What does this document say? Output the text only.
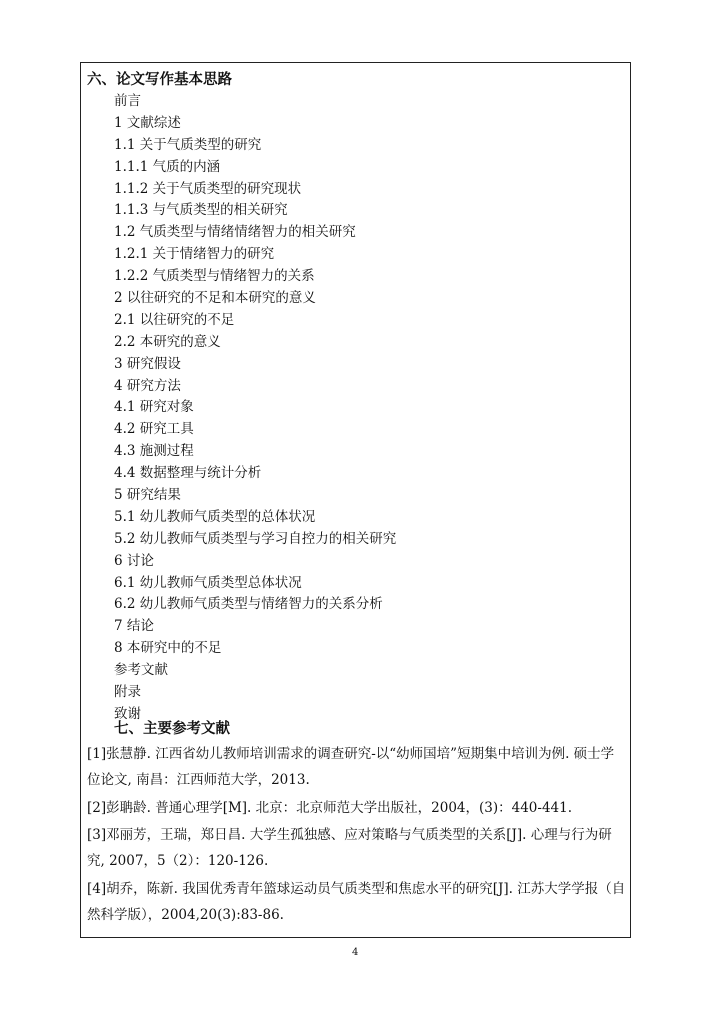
六、论文写作基本思路
前言
1 文献综述
1.1 关于气质类型的研究
1.1.1 气质的内涵
1.1.2 关于气质类型的研究现状
1.1.3 与气质类型的相关研究
1.2 气质类型与情绪情绪智力的相关研究
1.2.1 关于情绪智力的研究
1.2.2 气质类型与情绪智力的关系
2 以往研究的不足和本研究的意义
2.1 以往研究的不足
2.2 本研究的意义
3 研究假设
4 研究方法
4.1 研究对象
4.2 研究工具
4.3 施测过程
4.4 数据整理与统计分析
5 研究结果
5.1 幼儿教师气质类型的总体状况
5.2 幼儿教师气质类型与学习自控力的相关研究
6 讨论
6.1 幼儿教师气质类型总体状况
6.2 幼儿教师气质类型与情绪智力的关系分析
7 结论
8 本研究中的不足
参考文献
附录
致谢
七、主要参考文献
[1]张慧静. 江西省幼儿教师培训需求的调查研究-以“幼师国培”短期集中培训为例. 硕士学位论文, 南昌：江西师范大学，2013.
[2]彭聃龄. 普通心理学[M]. 北京：北京师范大学出版社，2004，(3)：440-441.
[3]邓丽芳，王瑞，郑日昌. 大学生孤独感、应对策略与气质类型的关系[J]. 心理与行为研究, 2007，5（2）：120-126.
[4]胡乔，陈新. 我国优秀青年篮球运动员气质类型和焦虑水平的研究[J]. 江苏大学学报（自然科学版），2004,20(3):83-86.
4
